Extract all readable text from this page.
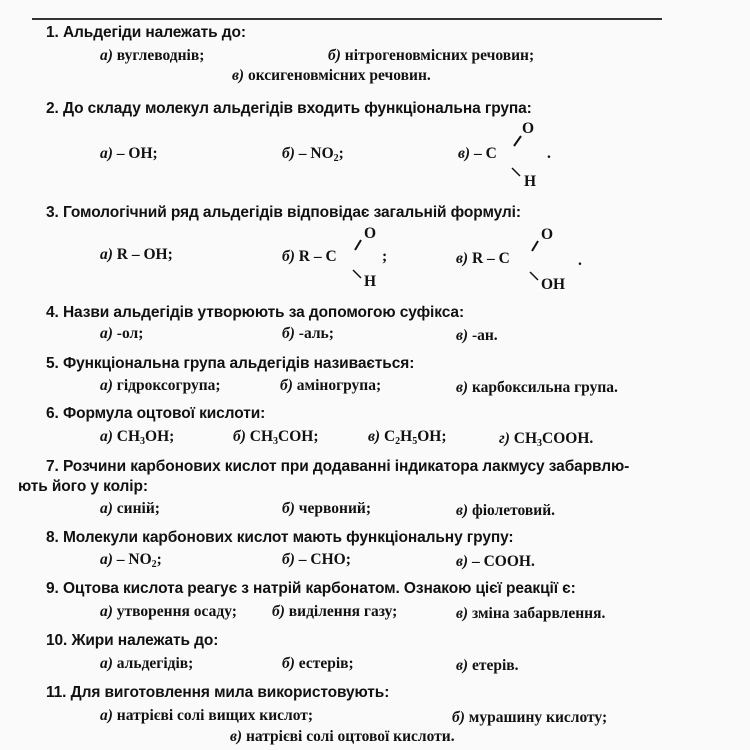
1. Альдегіди належать до:
а) вуглеводнів;	б) нітрогеновмісних речовин;
в) оксигеновмісних речовин.
2. До складу молекул альдегідів входить функціональна група:
а) – OH;	$б) - NO_2$;	в) – C
O
H
.
3. Гомологічний ряд альдегідів відповідає загальній формулі:
а) R – OH;	б) R – C
O
H
;	в) R – C
O
OH
.
4. Назви альдегідів утворюють за допомогою суфікса:
а) -ол;	б) -аль;	в) -ан.
5. Функціональна група альдегідів називається:
а) гідроксогрупа;	б) аміногрупа;	в) карбоксильна група.
6. Формула оцтової кислоти:
а) $CH_3OH$;	б) $CH_3COH$;	в) $C_2H_5OH$;	г) $CH_3COOH$.
7. Розчини карбонових кислот при додаванні індикатора лакмусу забарвлю-
ють його у колір:
а) синій;	б) червоний;	в) фіолетовий.
8. Молекули карбонових кислот мають функціональну групу:
$а) - NO_2$;	б) – CHO;	в) – COOH.
9. Оцтова кислота реагує з натрій карбонатом. Ознакою цієї реакції є:
а) утворення осаду; б) виділення газу;	в) зміна забарвлення.
10. Жири належать до:
а) альдегідів;	б) естерів;	в) етерів.
11. Для виготовлення мила використовують:
а) натрієві солі вищих кислот;	б) мурашину кислоту;
в) натрієві солі оцтової кислоти.
